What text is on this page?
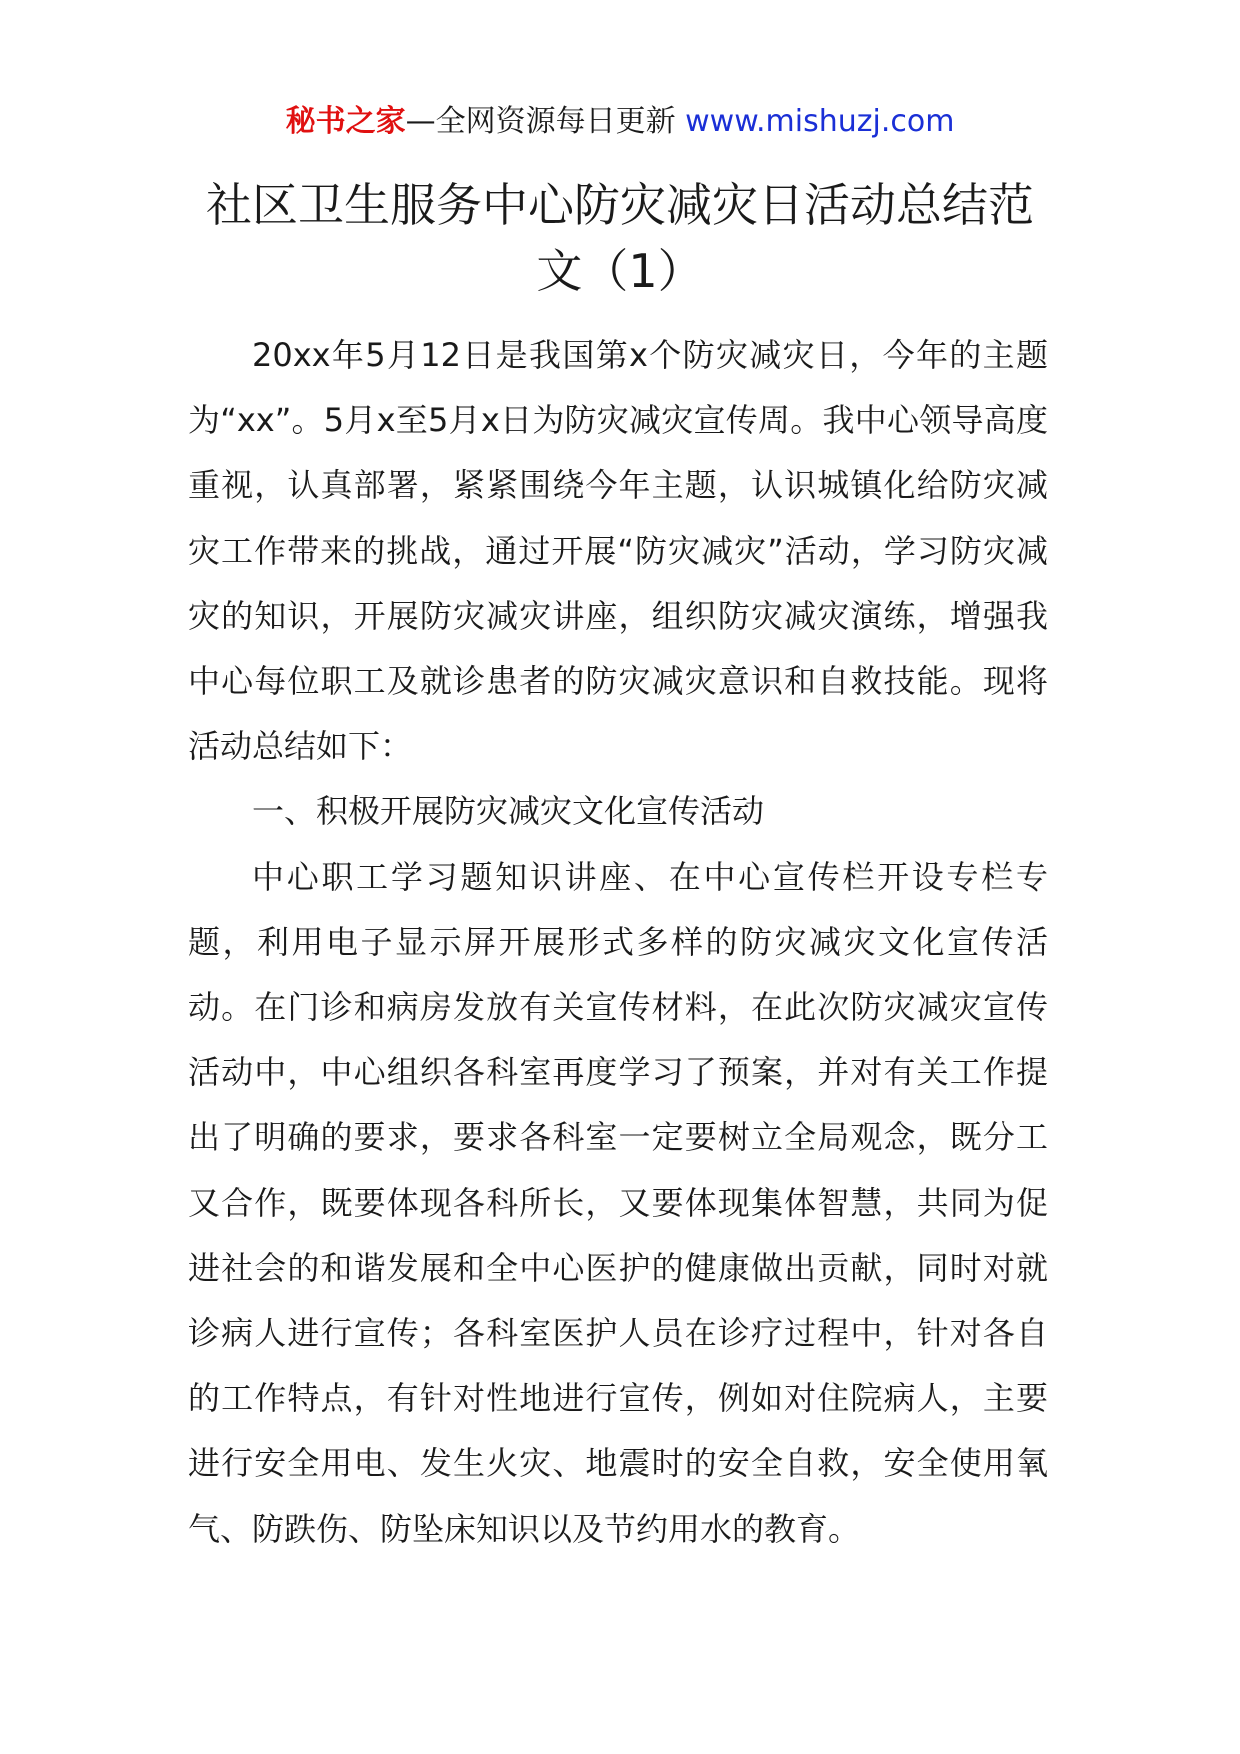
秘书之家—全网资源每日更新 www.mishuzj.com
社区卫生服务中心防灾减灾日活动总结范文（1）

20xx年5月12日是我国第x个防灾减灾日，今年的主题为“xx”。5月x至5月x日为防灾减灾宣传周。我中心领导高度重视，认真部署，紧紧围绕今年主题，认识城镇化给防灾减灾工作带来的挑战，通过开展“防灾减灾”活动，学习防灾减灾的知识，开展防灾减灾讲座，组织防灾减灾演练，增强我中心每位职工及就诊患者的防灾减灾意识和自救技能。现将活动总结如下：

一、积极开展防灾减灾文化宣传活动

中心职工学习题知识讲座、在中心宣传栏开设专栏专题，利用电子显示屏开展形式多样的防灾减灾文化宣传活动。在门诊和病房发放有关宣传材料，在此次防灾减灾宣传活动中，中心组织各科室再度学习了预案，并对有关工作提出了明确的要求，要求各科室一定要树立全局观念，既分工又合作，既要体现各科所长，又要体现集体智慧，共同为促进社会的和谐发展和全中心医护的健康做出贡献，同时对就诊病人进行宣传；各科室医护人员在诊疗过程中，针对各自的工作特点，有针对性地进行宣传，例如对住院病人，主要进行安全用电、发生火灾、地震时的安全自救，安全使用氧气、防跌伤、防坠床知识以及节约用水的教育。
